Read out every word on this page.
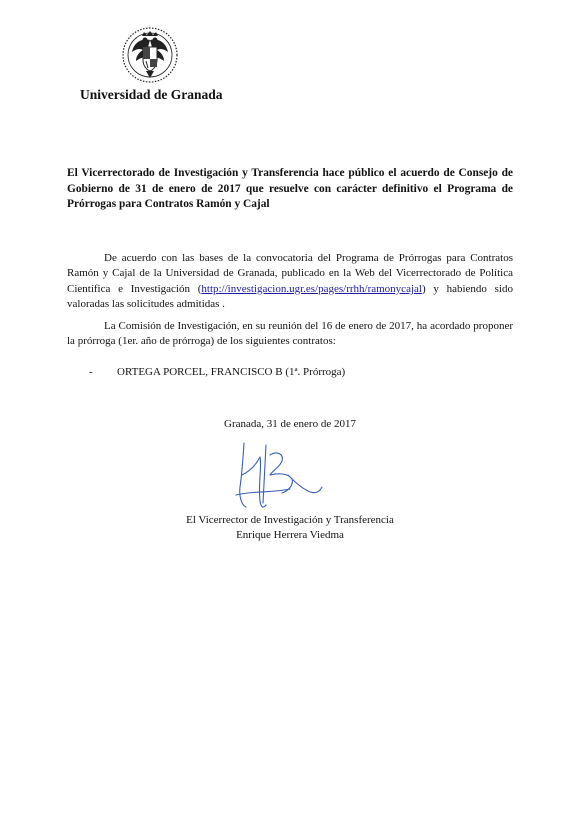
Universidad de Granada
El Vicerrectorado de Investigación y Transferencia hace público el acuerdo de Consejo de Gobierno de 31 de enero de 2017 que resuelve con carácter definitivo el Programa de Prórrogas para Contratos Ramón y Cajal
De acuerdo con las bases de la convocatoria del Programa de Prórrogas para Contratos Ramón y Cajal de la Universidad de Granada, publicado en la Web del Vicerrectorado de Política Científica e Investigación (http://investigacion.ugr.es/pages/rrhh/ramonycajal) y habiendo sido valoradas las solicitudes admitidas .
La Comisión de Investigación, en su reunión del 16 de enero de 2017, ha acordado proponer la prórroga (1er. año de prórroga) de los siguientes contratos:
- ORTEGA PORCEL, FRANCISCO B (1ª. Prórroga)
Granada, 31 de enero de 2017
El Vicerrector de Investigación y Transferencia
Enrique Herrera Viedma
